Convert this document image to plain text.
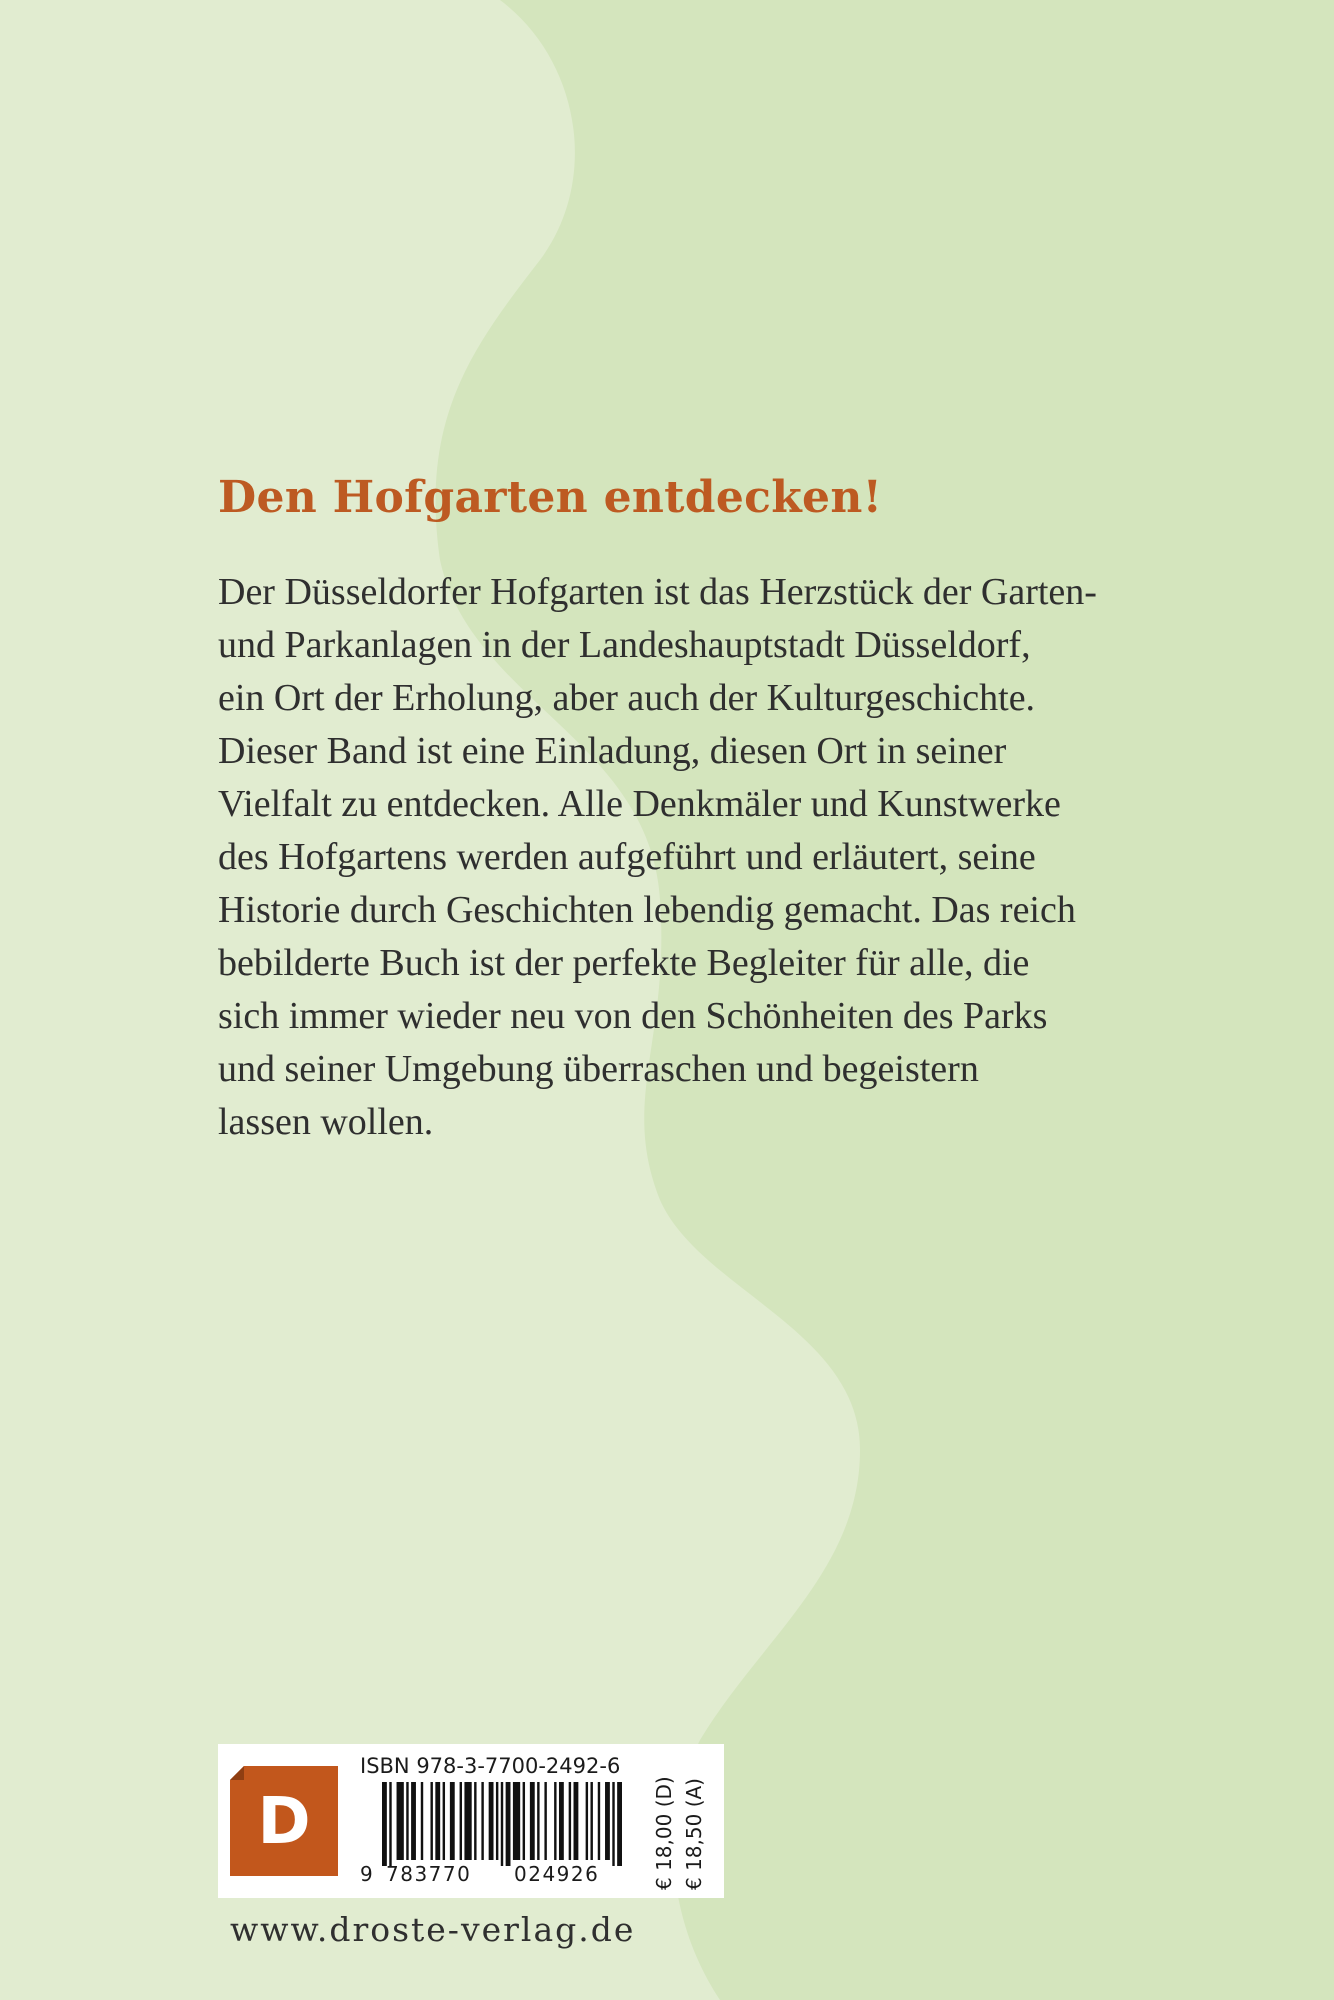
Den Hofgarten entdecken!
Der Düsseldorfer Hofgarten ist das Herzstück der Garten-
und Parkanlagen in der Landeshauptstadt Düsseldorf,
ein Ort der Erholung, aber auch der Kulturgeschichte.
Dieser Band ist eine Einladung, diesen Ort in seiner
Vielfalt zu entdecken. Alle Denkmäler und Kunstwerke
des Hofgartens werden aufgeführt und erläutert, seine
Historie durch Geschichten lebendig gemacht. Das reich
bebilderte Buch ist der perfekte Begleiter für alle, die
sich immer wieder neu von den Schönheiten des Parks
und seiner Umgebung überraschen und begeistern
lassen wollen.
D
ISBN 978-3-7700-2492-6
9 783770 024926	€ 18,00 (D) € 18,50 (A)
www.droste-verlag.de
